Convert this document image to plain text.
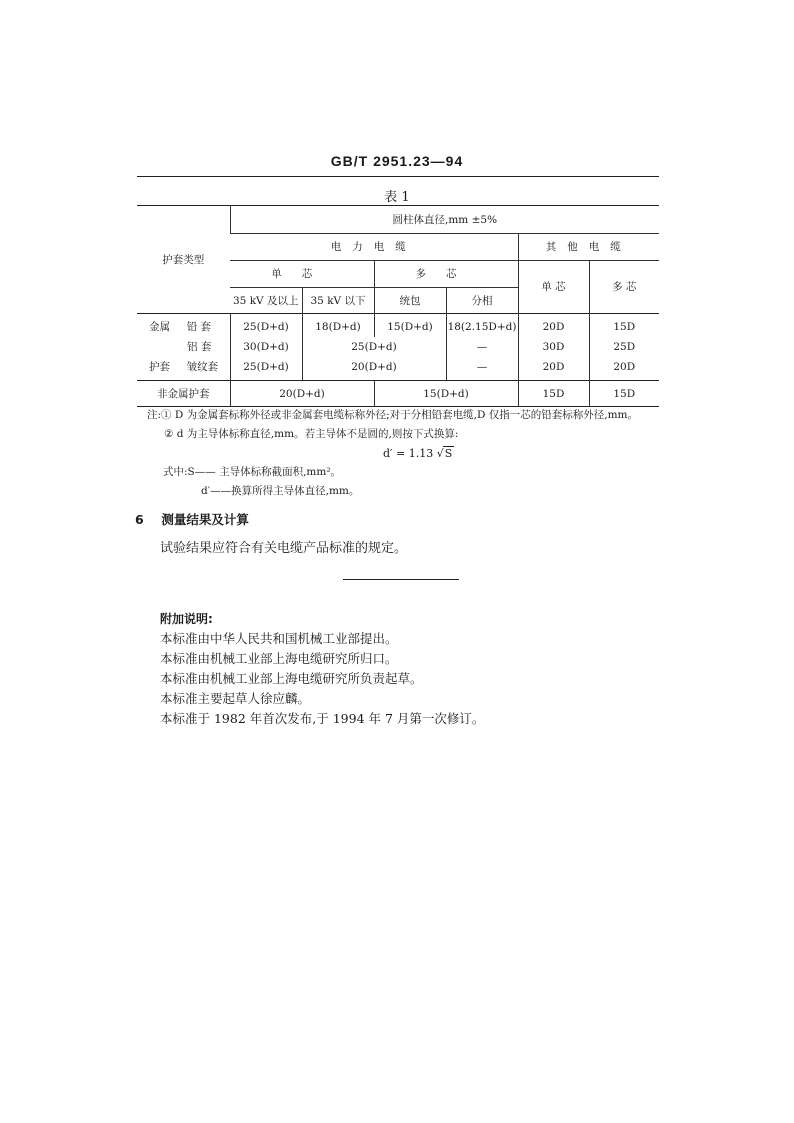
GB/T 2951.23—94
表 1
护套类型	圆柱体直径,mm ±5%					
	电力电缆				其他电缆	
	单芯		多芯		单 芯	多 芯
	35 kV 及以上	35 kV 以下	统包	分相		
金属 铅 套	25(D+d)	18(D+d)	15(D+d)	18(2.15D+d)	20D	15D
铝 套	30(D+d)	25(D+d)		—	30D	25D
护套 皱纹套	25(D+d)	20(D+d)		—	20D	20D
非金属护套	20(D+d)		15(D+d)		15D	15D
注:① D 为金属套标称外径或非金属套电缆标称外径;对于分相铅套电缆,D 仅指一芯的铅套标称外径,mm。
② d 为主导体标称直径,mm。若主导体不是圆的,则按下式换算:
d′ = 1.13 √S
式中:S—— 主导体标称截面积,mm²。
d′——换算所得主导体直径,mm。
6 测量结果及计算
试验结果应符合有关电缆产品标准的规定。
附加说明:
本标准由中华人民共和国机械工业部提出。
本标准由机械工业部上海电缆研究所归口。
本标准由机械工业部上海电缆研究所负责起草。
本标准主要起草人徐应麟。
本标准于 1982 年首次发布,于 1994 年 7 月第一次修订。
